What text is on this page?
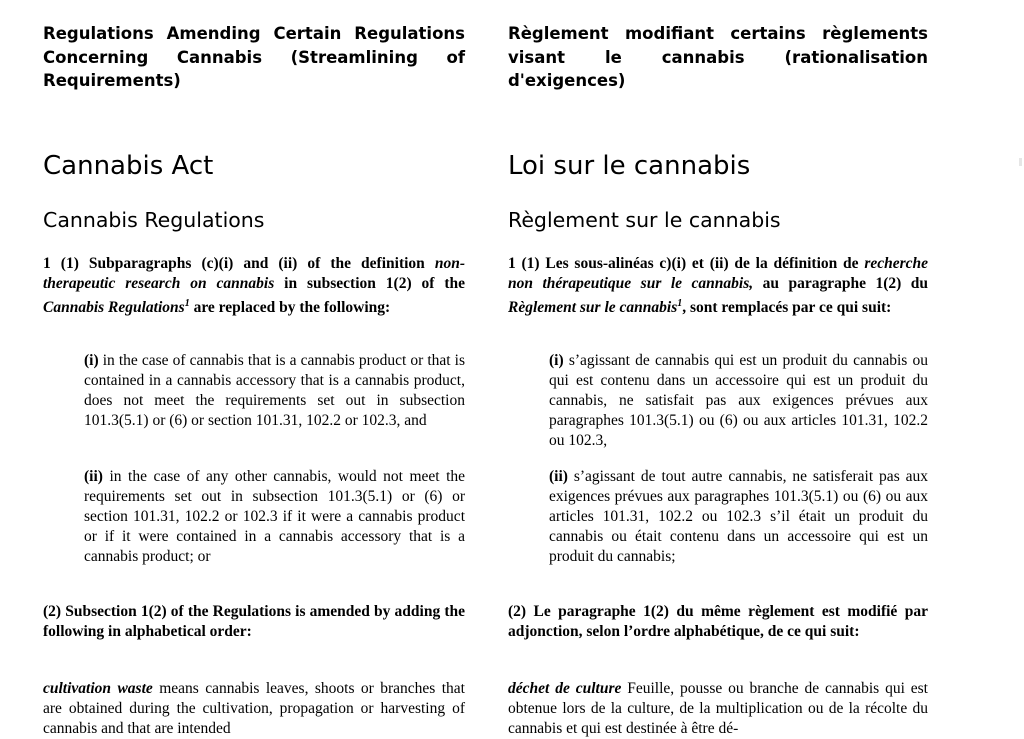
Regulations Amending Certain Regulations Concerning Cannabis (Streamlining of Requirements)

Cannabis Act
Cannabis Regulations

1 (1) Subparagraphs (c)(i) and (ii) of the definition non-therapeutic research on cannabis in subsection 1(2) of the Cannabis Regulations$^1$ are replaced by the following:

(i) in the case of cannabis that is a cannabis product or that is contained in a cannabis accessory that is a cannabis product, does not meet the requirements set out in subsection 101.3(5.1) or (6) or section 101.31, 102.2 or 102.3, and

(ii) in the case of any other cannabis, would not meet the requirements set out in subsection 101.3(5.1) or (6) or section 101.31, 102.2 or 102.3 if it were a cannabis product or if it were contained in a cannabis accessory that is a cannabis product; or

(2) Subsection 1(2) of the Regulations is amended by adding the following in alphabetical order:

cultivation waste means cannabis leaves, shoots or branches that are obtained during the cultivation, propagation or harvesting of cannabis and that are intended

Règlement modifiant certains règlements visant le cannabis (rationalisation d'exigences)

Loi sur le cannabis
Règlement sur le cannabis

1 (1) Les sous-alinéas c)(i) et (ii) de la définition de recherche non thérapeutique sur le cannabis, au paragraphe 1(2) du Règlement sur le cannabis$^1$, sont remplacés par ce qui suit:

(i) s’agissant de cannabis qui est un produit du cannabis ou qui est contenu dans un accessoire qui est un produit du cannabis, ne satisfait pas aux exigences prévues aux paragraphes 101.3(5.1) ou (6) ou aux articles 101.31, 102.2 ou 102.3,

(ii) s’agissant de tout autre cannabis, ne satisferait pas aux exigences prévues aux paragraphes 101.3(5.1) ou (6) ou aux articles 101.31, 102.2 ou 102.3 s’il était un produit du cannabis ou était contenu dans un accessoire qui est un produit du cannabis;

(2) Le paragraphe 1(2) du même règlement est modifié par adjonction, selon l’ordre alphabétique, de ce qui suit:

déchet de culture Feuille, pousse ou branche de cannabis qui est obtenue lors de la culture, de la multiplication ou de la récolte du cannabis et qui est destinée à être dé-
